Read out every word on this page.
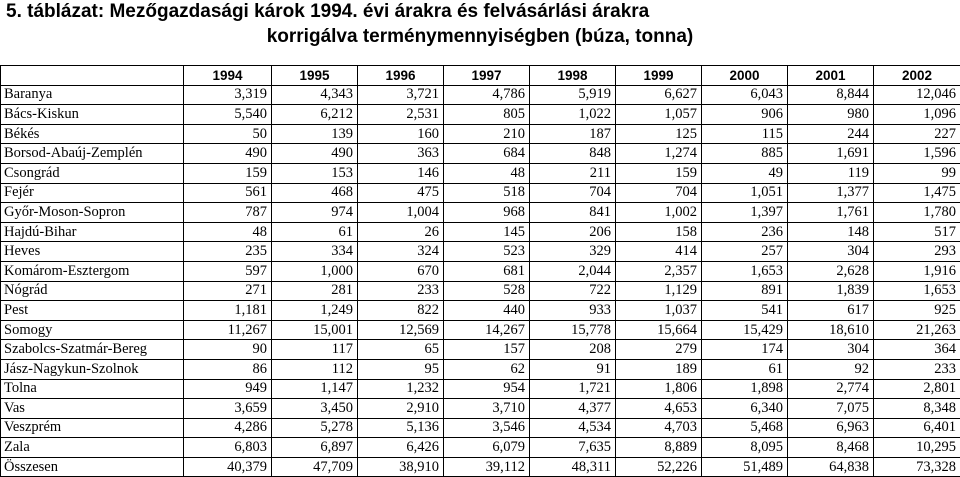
5. táblázat: Mezőgazdasági károk 1994. évi árakra és felvásárlási árakra
korrigálva terménymennyiségben (búza, tonna)
	1994	1995	1996	1997	1998	1999	2000	2001	2002
Baranya	3,319	4,343	3,721	4,786	5,919	6,627	6,043	8,844	12,046
Bács-Kiskun	5,540	6,212	2,531	805	1,022	1,057	906	980	1,096
Békés	50	139	160	210	187	125	115	244	227
Borsod-Abaúj-Zemplén	490	490	363	684	848	1,274	885	1,691	1,596
Csongrád	159	153	146	48	211	159	49	119	99
Fejér	561	468	475	518	704	704	1,051	1,377	1,475
Győr-Moson-Sopron	787	974	1,004	968	841	1,002	1,397	1,761	1,780
Hajdú-Bihar	48	61	26	145	206	158	236	148	517
Heves	235	334	324	523	329	414	257	304	293
Komárom-Esztergom	597	1,000	670	681	2,044	2,357	1,653	2,628	1,916
Nógrád	271	281	233	528	722	1,129	891	1,839	1,653
Pest	1,181	1,249	822	440	933	1,037	541	617	925
Somogy	11,267	15,001	12,569	14,267	15,778	15,664	15,429	18,610	21,263
Szabolcs-Szatmár-Bereg	90	117	65	157	208	279	174	304	364
Jász-Nagykun-Szolnok	86	112	95	62	91	189	61	92	233
Tolna	949	1,147	1,232	954	1,721	1,806	1,898	2,774	2,801
Vas	3,659	3,450	2,910	3,710	4,377	4,653	6,340	7,075	8,348
Veszprém	4,286	5,278	5,136	3,546	4,534	4,703	5,468	6,963	6,401
Zala	6,803	6,897	6,426	6,079	7,635	8,889	8,095	8,468	10,295
Összesen	40,379	47,709	38,910	39,112	48,311	52,226	51,489	64,838	73,328
